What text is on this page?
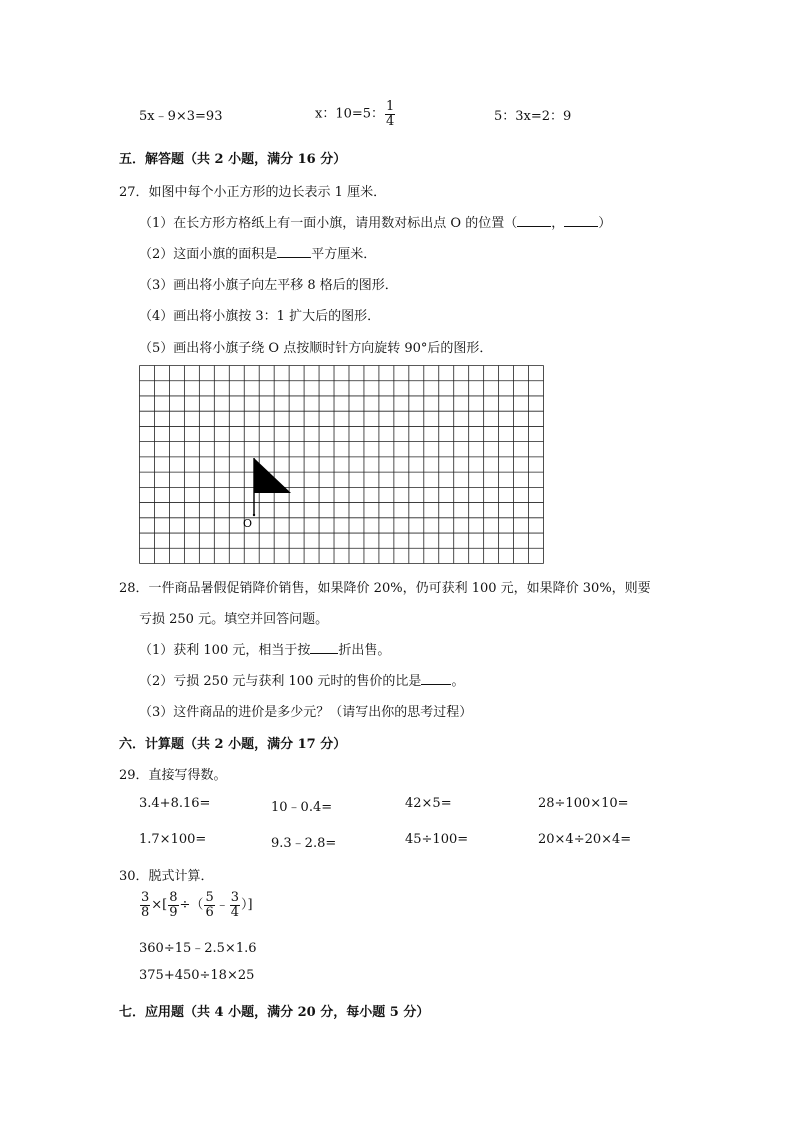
5x﹣9×3=93	x：10=5： $\frac{1}{4}$	5：3x=2：9
五．解答题（共 2 小题，满分 16 分）
27．如图中每个小正方形的边长表示 1 厘米．
（1）在长方形方格纸上有一面小旗，请用数对标出点 O 的位置（	，	）
（2）这面小旗的面积是	平方厘米．
（3）画出将小旗子向左平移 8 格后的图形．
（4）画出将小旗按 3：1 扩大后的图形．
（5）画出将小旗子绕 O 点按顺时针方向旋转 90°后的图形．
O
28．一件商品暑假促销降价销售，如果降价 20%，仍可获利 100 元，如果降价 30%，则要
亏损 250 元。填空并回答问题。
（1）获利 100 元，相当于按 折出售。
（2）亏损 250 元与获利 100 元时的售价的比是 。
（3）这件商品的进价是多少元？（请写出你的思考过程）
六．计算题（共 2 小题，满分 17 分）
29．直接写得数。
3.4+8.16=	10﹣0.4=	42×5=	28÷100×10=
1.7×100=	9.3﹣2.8=	45÷100=	20×4÷20×4=
30．脱式计算．
$\frac{3}{8}$ ×[ $\frac{8}{9}$ ÷（ $\frac{5}{6}$ ﹣ $\frac{3}{4}$ ）]
360÷15﹣2.5×1.6
375+450÷18×25
七．应用题（共 4 小题，满分 20 分，每小题 5 分）
